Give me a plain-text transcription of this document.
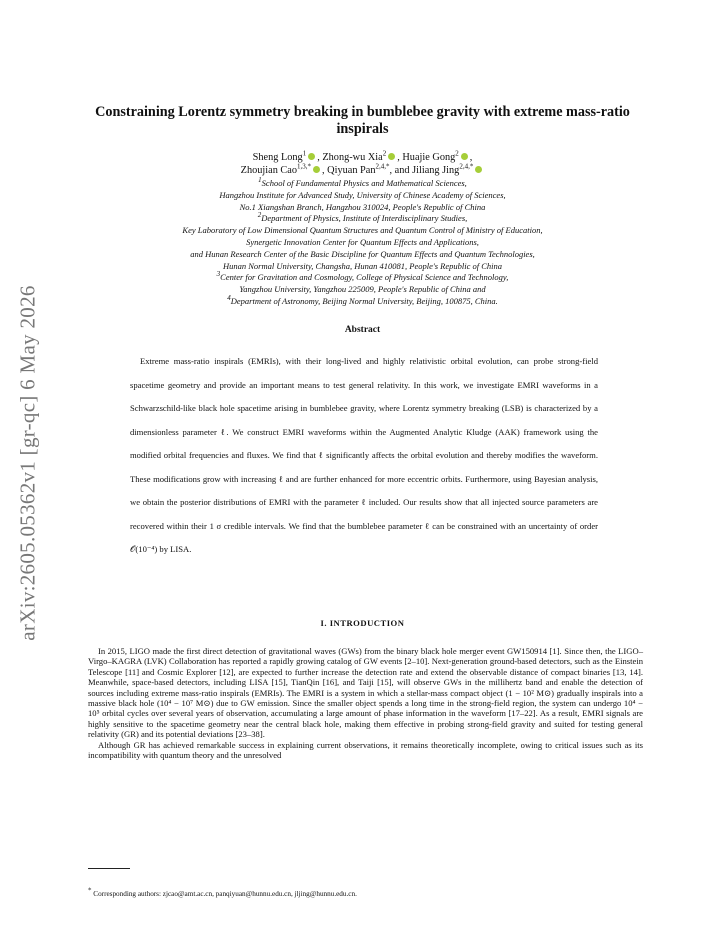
arXiv:2605.05362v1 [gr-qc] 6 May 2026
Constraining Lorentz symmetry breaking in bumblebee gravity with extreme mass-ratio inspirals
Sheng Long$^1$ , Zhong-wu Xia$^2$ , Huajie Gong$^2$ ,
Zhoujian Cao$^{1,3,*}$ , Qiyuan Pan$^{2,4,*}$, and Jiliang Jing$^{2,4,*}$
$^1$School of Fundamental Physics and Mathematical Sciences,
Hangzhou Institute for Advanced Study, University of Chinese Academy of Sciences,
No.1 Xiangshan Branch, Hangzhou 310024, People's Republic of China
$^2$Department of Physics, Institute of Interdisciplinary Studies,
Key Laboratory of Low Dimensional Quantum Structures and Quantum Control of Ministry of Education,
Synergetic Innovation Center for Quantum Effects and Applications,
and Hunan Research Center of the Basic Discipline for Quantum Effects and Quantum Technologies,
Hunan Normal University, Changsha, Hunan 410081, People's Republic of China
$^3$Center for Gravitation and Cosmology, College of Physical Science and Technology,
Yangzhou University, Yangzhou 225009, People's Republic of China and
$^4$Department of Astronomy, Beijing Normal University, Beijing, 100875, China.
Abstract
Extreme mass-ratio inspirals (EMRIs), with their long-lived and highly relativistic orbital evolution, can probe strong-field spacetime geometry and provide an important means to test general relativity. In this work, we investigate EMRI waveforms in a Schwarzschild-like black hole spacetime arising in bumblebee gravity, where Lorentz symmetry breaking (LSB) is characterized by a dimensionless parameter ℓ. We construct EMRI waveforms within the Augmented Analytic Kludge (AAK) framework using the modified orbital frequencies and fluxes. We find that ℓ significantly affects the orbital evolution and thereby modifies the waveform. These modifications grow with increasing ℓ and are further enhanced for more eccentric orbits. Furthermore, using Bayesian analysis, we obtain the posterior distributions of EMRI with the parameter ℓ included. Our results show that all injected source parameters are recovered within their 1 σ credible intervals. We find that the bumblebee parameter ℓ can be constrained with an uncertainty of order 𝒪(10⁻⁴) by LISA.
I. INTRODUCTION

In 2015, LIGO made the first direct detection of gravitational waves (GWs) from the binary black hole merger event GW150914 [1]. Since then, the LIGO–Virgo–KAGRA (LVK) Collaboration has reported a rapidly growing catalog of GW events [2–10]. Next-generation ground-based detectors, such as the Einstein Telescope [11] and Cosmic Explorer [12], are expected to further increase the detection rate and extend the observable distance of compact binaries [13, 14]. Meanwhile, space-based detectors, including LISA [15], TianQin [16], and Taiji [15], will observe GWs in the millihertz band and enable the detection of sources including extreme mass-ratio inspirals (EMRIs). The EMRI is a system in which a stellar-mass compact object (1 − 10² M⊙) gradually inspirals into a massive black hole (10⁴ − 10⁷ M⊙) due to GW emission. Since the smaller object spends a long time in the strong-field region, the system can undergo 10⁴ − 10⁵ orbital cycles over several years of observation, accumulating a large amount of phase information in the waveform [17–22]. As a result, EMRI signals are highly sensitive to the spacetime geometry near the central black hole, making them effective in probing strong-field gravity and suited for testing general relativity (GR) and its potential deviations [23–38].

Although GR has achieved remarkable success in explaining current observations, it remains theoretically incomplete, owing to critical issues such as its incompatibility with quantum theory and the unresolved

* Corresponding authors: zjcao@amt.ac.cn, panqiyuan@hunnu.edu.cn, jljing@hunnu.edu.cn.
